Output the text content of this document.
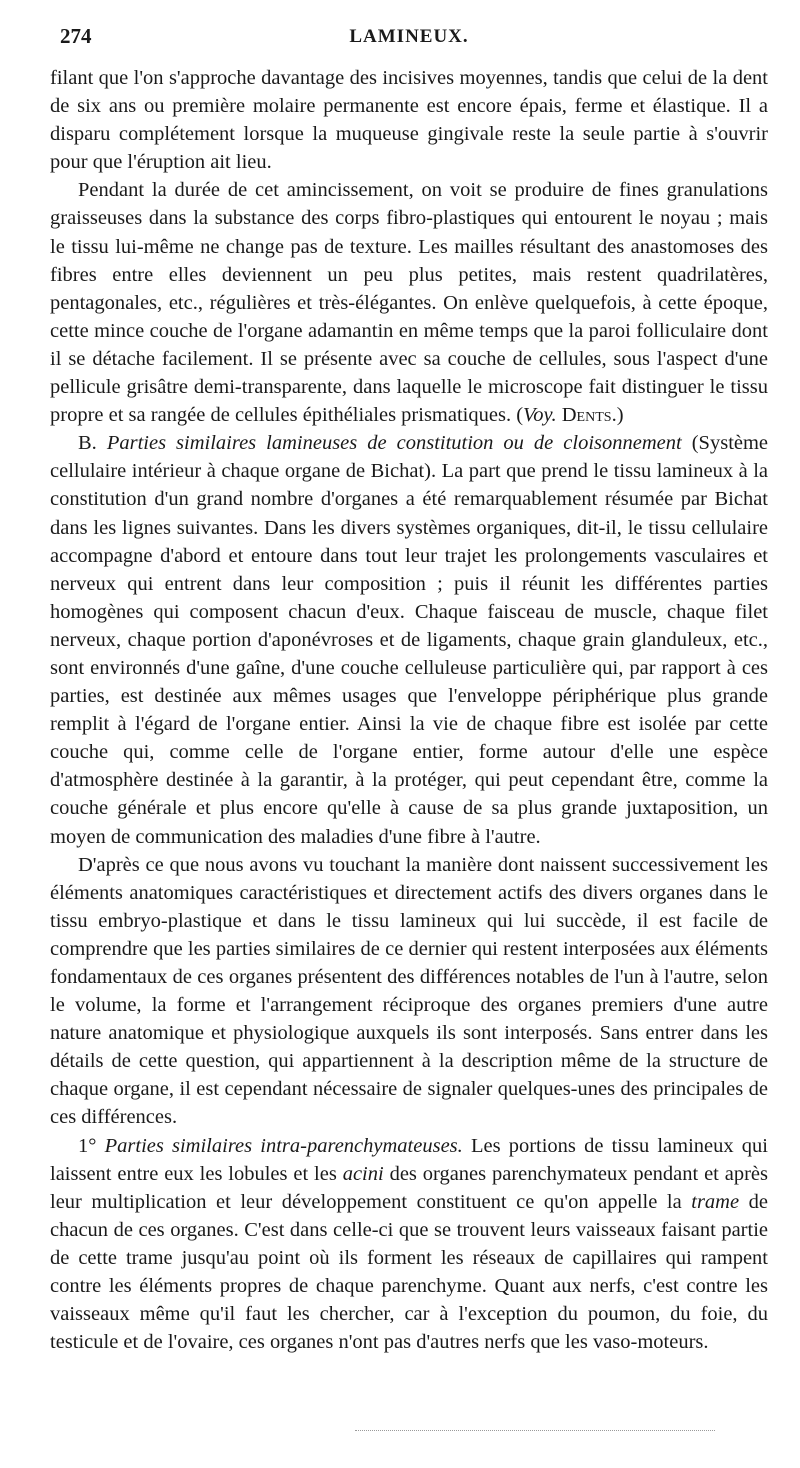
274	LAMINEUX.

filant que l'on s'approche davantage des incisives moyennes, tandis que celui de la dent de six ans ou première molaire permanente est encore épais, ferme et élastique. Il a disparu complétement lorsque la muqueuse gingivale reste la seule partie à s'ouvrir pour que l'éruption ait lieu.

Pendant la durée de cet amincissement, on voit se produire de fines granulations graisseuses dans la substance des corps fibro-plastiques qui entourent le noyau ; mais le tissu lui-même ne change pas de texture. Les mailles résultant des anastomoses des fibres entre elles deviennent un peu plus petites, mais restent quadrilatères, pentagonales, etc., régulières et très-élégantes. On enlève quelquefois, à cette époque, cette mince couche de l'organe adamantin en même temps que la paroi folliculaire dont il se détache facilement. Il se présente avec sa couche de cellules, sous l'aspect d'une pellicule grisâtre demi-transparente, dans laquelle le microscope fait distinguer le tissu propre et sa rangée de cellules épithéliales prismatiques. (Voy. Dents.)

B. Parties similaires lamineuses de constitution ou de cloisonnement (Système cellulaire intérieur à chaque organe de Bichat). La part que prend le tissu lamineux à la constitution d'un grand nombre d'organes a été remarquablement résumée par Bichat dans les lignes suivantes. Dans les divers systèmes organiques, dit-il, le tissu cellulaire accompagne d'abord et entoure dans tout leur trajet les prolongements vasculaires et nerveux qui entrent dans leur composition ; puis il réunit les différentes parties homogènes qui composent chacun d'eux. Chaque faisceau de muscle, chaque filet nerveux, chaque portion d'aponévroses et de ligaments, chaque grain glanduleux, etc., sont environnés d'une gaîne, d'une couche celluleuse particulière qui, par rapport à ces parties, est destinée aux mêmes usages que l'enveloppe périphérique plus grande remplit à l'égard de l'organe entier. Ainsi la vie de chaque fibre est isolée par cette couche qui, comme celle de l'organe entier, forme autour d'elle une espèce d'atmosphère destinée à la garantir, à la protéger, qui peut cependant être, comme la couche générale et plus encore qu'elle à cause de sa plus grande juxtaposition, un moyen de communication des maladies d'une fibre à l'autre.

D'après ce que nous avons vu touchant la manière dont naissent successivement les éléments anatomiques caractéristiques et directement actifs des divers organes dans le tissu embryo-plastique et dans le tissu lamineux qui lui succède, il est facile de comprendre que les parties similaires de ce dernier qui restent interposées aux éléments fondamentaux de ces organes présentent des différences notables de l'un à l'autre, selon le volume, la forme et l'arrangement réciproque des organes premiers d'une autre nature anatomique et physiologique auxquels ils sont interposés. Sans entrer dans les détails de cette question, qui appartiennent à la description même de la structure de chaque organe, il est cependant nécessaire de signaler quelques-unes des principales de ces différences.

1° Parties similaires intra-parenchymateuses. Les portions de tissu lamineux qui laissent entre eux les lobules et les acini des organes parenchymateux pendant et après leur multiplication et leur développement constituent ce qu'on appelle la trame de chacun de ces organes. C'est dans celle-ci que se trouvent leurs vaisseaux faisant partie de cette trame jusqu'au point où ils forment les réseaux de capillaires qui rampent contre les éléments propres de chaque parenchyme. Quant aux nerfs, c'est contre les vaisseaux même qu'il faut les chercher, car à l'exception du poumon, du foie, du testicule et de l'ovaire, ces organes n'ont pas d'autres nerfs que les vaso-moteurs.
